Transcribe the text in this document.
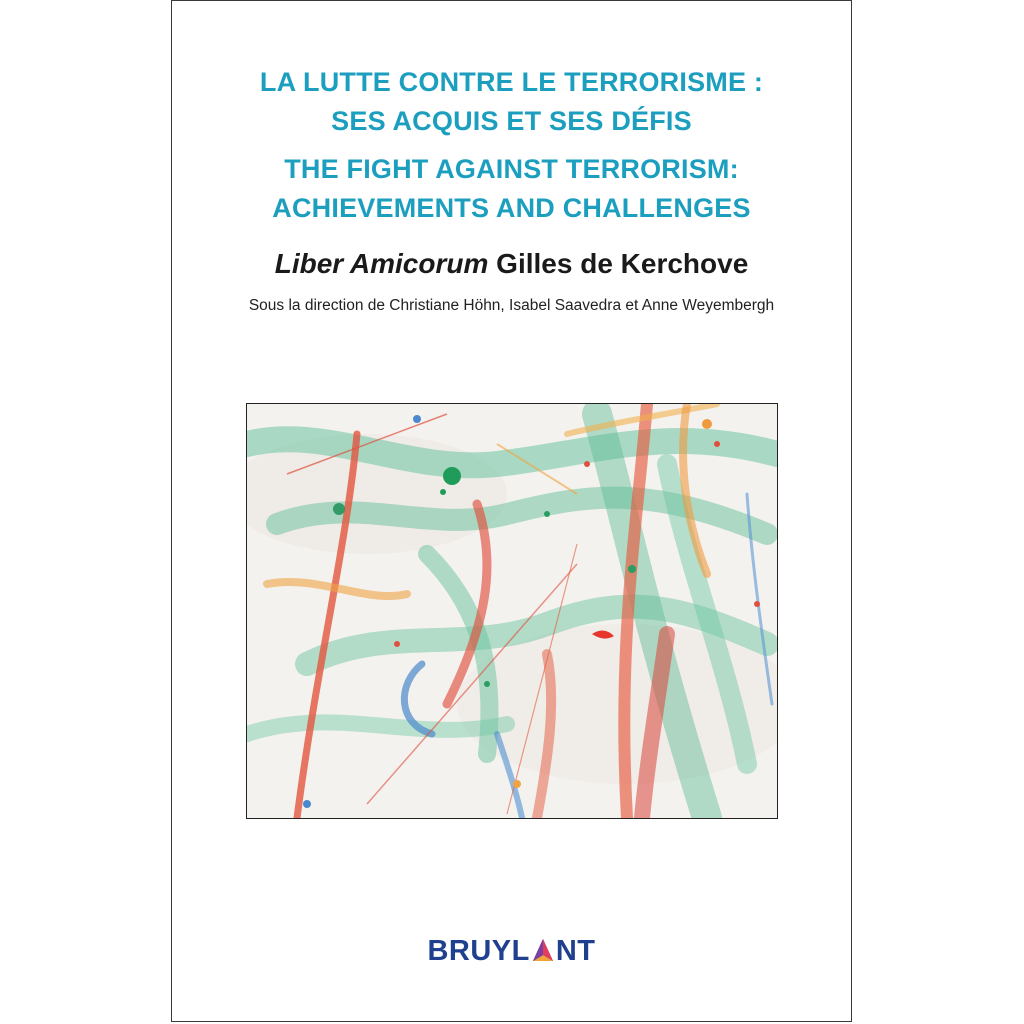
LA LUTTE CONTRE LE TERRORISME :
SES ACQUIS ET SES DÉFIS
THE FIGHT AGAINST TERRORISM:
ACHIEVEMENTS AND CHALLENGES
Liber Amicorum Gilles de Kerchove
Sous la direction de Christiane Höhn, Isabel Saavedra et Anne Weyembergh
BRUYL NT
